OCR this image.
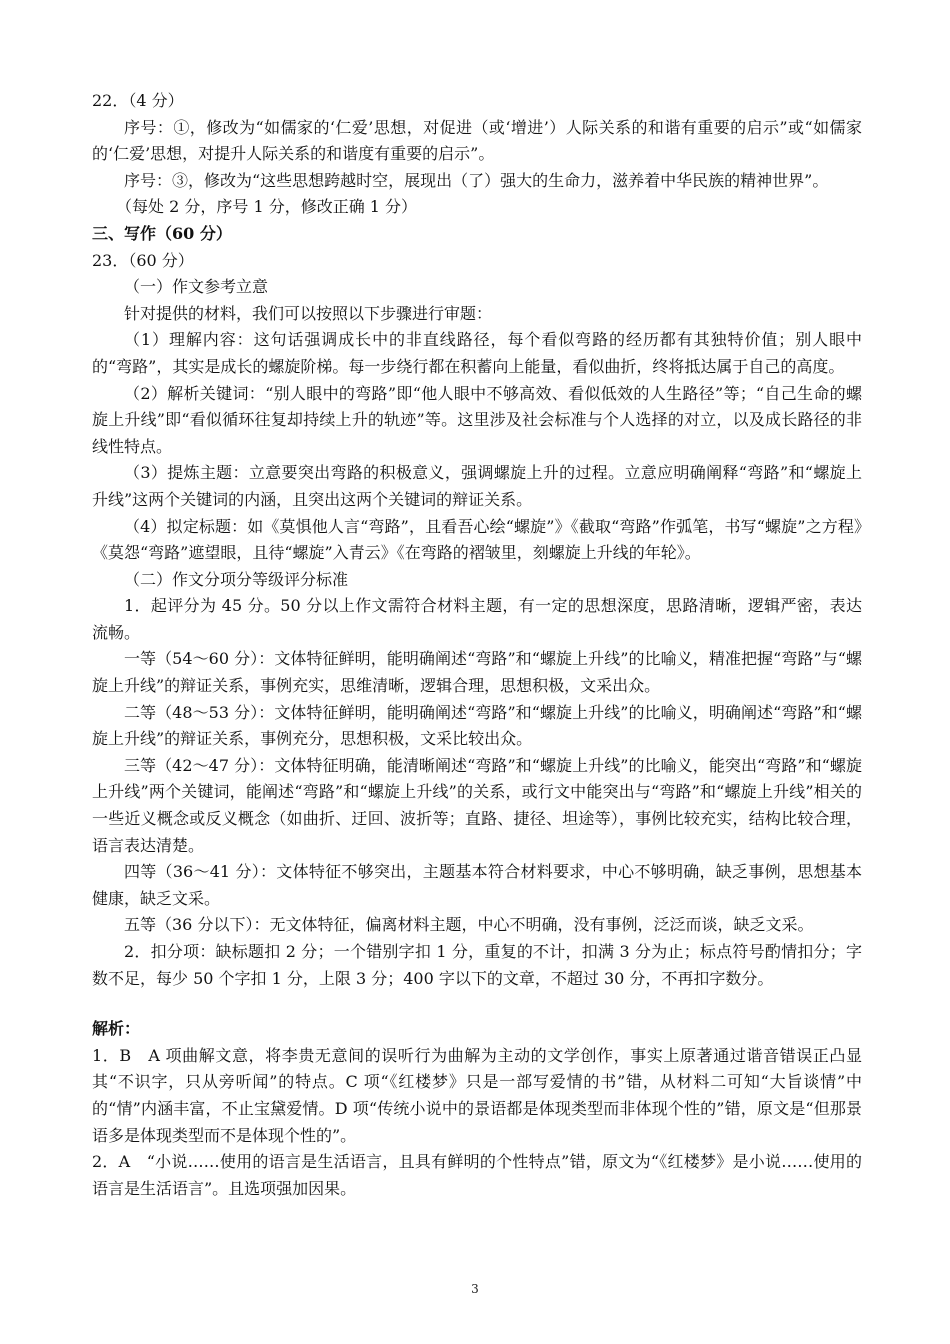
22．（4 分）

序号：①，修改为“如儒家的‘仁爱’思想，对促进（或‘增进’）人际关系的和谐有重要的启示”或“如儒家的‘仁爱’思想，对提升人际关系的和谐度有重要的启示”。

序号：③，修改为“这些思想跨越时空，展现出（了）强大的生命力，滋养着中华民族的精神世界”。

（每处 2 分，序号 1 分，修改正确 1 分）

三、写作（60 分）

23．（60 分）

（一）作文参考立意

针对提供的材料，我们可以按照以下步骤进行审题：

（1）理解内容：这句话强调成长中的非直线路径，每个看似弯路的经历都有其独特价值；别人眼中的“弯路”，其实是成长的螺旋阶梯。每一步绕行都在积蓄向上能量，看似曲折，终将抵达属于自己的高度。

（2）解析关键词：“别人眼中的弯路”即“他人眼中不够高效、看似低效的人生路径”等；“自己生命的螺旋上升线”即“看似循环往复却持续上升的轨迹”等。这里涉及社会标准与个人选择的对立，以及成长路径的非线性特点。

（3）提炼主题：立意要突出弯路的积极意义，强调螺旋上升的过程。立意应明确阐释“弯路”和“螺旋上升线”这两个关键词的内涵，且突出这两个关键词的辩证关系。

（4）拟定标题：如《莫惧他人言“弯路”，且看吾心绘“螺旋”》《截取“弯路”作弧笔，书写“螺旋”之方程》《莫怨“弯路”遮望眼，且待“螺旋”入青云》《在弯路的褶皱里，刻螺旋上升线的年轮》。

（二）作文分项分等级评分标准

1．起评分为 45 分。50 分以上作文需符合材料主题，有一定的思想深度，思路清晰，逻辑严密，表达流畅。

一等（54～60 分）：文体特征鲜明，能明确阐述“弯路”和“螺旋上升线”的比喻义，精准把握“弯路”与“螺旋上升线”的辩证关系，事例充实，思维清晰，逻辑合理，思想积极，文采出众。

二等（48～53 分）：文体特征鲜明，能明确阐述“弯路”和“螺旋上升线”的比喻义，明确阐述“弯路”和“螺旋上升线”的辩证关系，事例充分，思想积极，文采比较出众。

三等（42～47 分）：文体特征明确，能清晰阐述“弯路”和“螺旋上升线”的比喻义，能突出“弯路”和“螺旋上升线”两个关键词，能阐述“弯路”和“螺旋上升线”的关系，或行文中能突出与“弯路”和“螺旋上升线”相关的一些近义概念或反义概念（如曲折、迂回、波折等；直路、捷径、坦途等），事例比较充实，结构比较合理，语言表达清楚。

四等（36～41 分）：文体特征不够突出，主题基本符合材料要求，中心不够明确，缺乏事例，思想基本健康，缺乏文采。

五等（36 分以下）：无文体特征，偏离材料主题，中心不明确，没有事例，泛泛而谈，缺乏文采。

2．扣分项：缺标题扣 2 分；一个错别字扣 1 分，重复的不计，扣满 3 分为止；标点符号酌情扣分；字数不足，每少 50 个字扣 1 分，上限 3 分；400 字以下的文章，不超过 30 分，不再扣字数分。

解析：

1．B　A 项曲解文意，将李贵无意间的误听行为曲解为主动的文学创作，事实上原著通过谐音错误正凸显其“不识字，只从旁听闻”的特点。C 项“《红楼梦》只是一部写爱情的书”错，从材料二可知“大旨谈情”中的“情”内涵丰富，不止宝黛爱情。D 项“传统小说中的景语都是体现类型而非体现个性的”错，原文是“但那景语多是体现类型而不是体现个性的”。

2．A　“小说……使用的语言是生活语言，且具有鲜明的个性特点”错，原文为“《红楼梦》是小说……使用的语言是生活语言”。且选项强加因果。

3
